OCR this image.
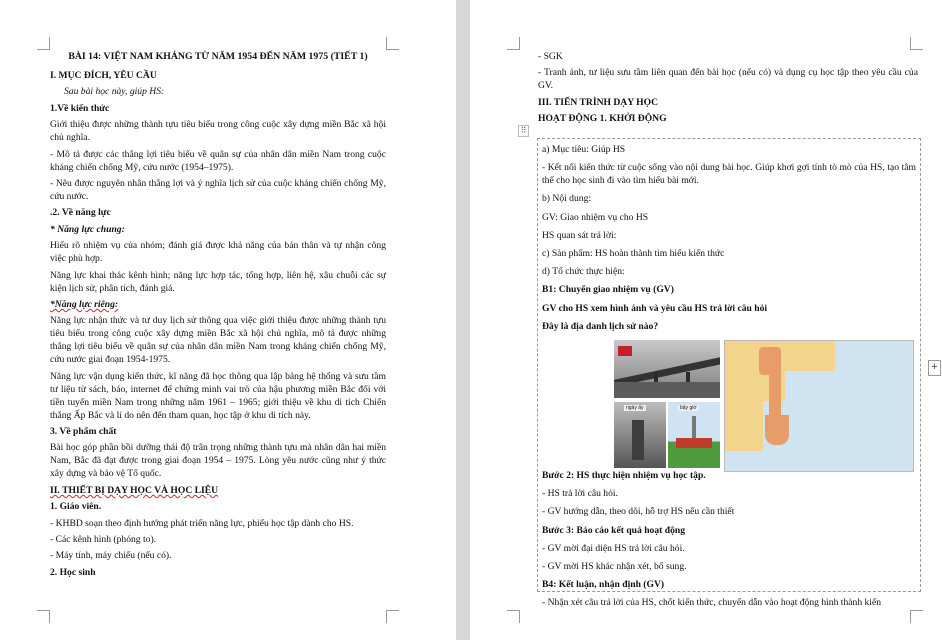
BÀI 14: VIỆT NAM KHÁNG TỪ NĂM 1954 ĐẾN NĂM 1975 (TIẾT 1)
I. MỤC ĐÍCH, YÊU CẦU
Sau bài học này, giúp HS:
1.Về kiến thức
Giới thiệu được những thành tựu tiêu biểu trong công cuộc xây dựng miền Bắc xã hội chủ nghĩa.
- Mô tả được các thắng lợi tiêu biểu về quân sự của nhân dân miền Nam trong cuộc kháng chiến chống Mỹ, cứu nước (1954–1975).
- Nêu được nguyên nhân thắng lợi và ý nghĩa lịch sử của cuộc kháng chiến chống Mỹ, cứu nước.
.2. Về năng lực
* Năng lực chung:
Hiểu rõ nhiệm vụ của nhóm; đánh giá được khả năng của bản thân và tự nhận công việc phù hợp.
Năng lực khai thác kênh hình; năng lực hợp tác, tổng hợp, liên hệ, xâu chuỗi các sự kiện lịch sử, phân tích, đánh giá.
*Năng lực riêng:
Năng lực nhận thức và tư duy lịch sử thông qua việc giới thiệu được những thành tựu tiêu biểu trong công cuộc xây dựng miền Bắc xã hội chủ nghĩa, mô tả được những thắng lợi tiêu biểu về quân sự của nhân dân miền Nam trong kháng chiến chống Mỹ, cứu nước giai đoạn 1954-1975.
Năng lực vận dụng kiến thức, kĩ năng đã học thông qua lập bảng hệ thống và sưu tầm tư liệu từ sách, báo, internet để chứng minh vai trò của hậu phương miền Bắc đối với tiền tuyến miền Nam trong những năm 1961 – 1965; giới thiệu về khu di tích Chiến thắng Ấp Bắc và lí do nên đến tham quan, học tập ở khu di tích này.
3. Về phẩm chất
Bài học góp phần bồi dưỡng thái độ trân trọng những thành tựu mà nhân dân hai miền Nam, Bắc đã đạt được trong giai đoạn 1954 – 1975. Lòng yêu nước cũng như ý thức xây dựng và bảo vệ Tổ quốc.
II. THIẾT BỊ DẠY HỌC VÀ HỌC LIỆU
1. Giáo viên.
- KHBD soạn theo định hướng phát triển năng lực, phiếu học tập dành cho HS.
- Các kênh hình (phóng to).
- Máy tính, máy chiếu (nếu có).
2. Học sinh
- SGK
- Tranh ảnh, tư liệu sưu tầm liên quan đến bài học (nếu có) và dụng cụ học tập theo yêu cầu của GV.
III. TIẾN TRÌNH DẠY HỌC
HOẠT ĐỘNG 1. KHỞI ĐỘNG
⠿
a) Mục tiêu: Giúp HS
- Kết nối kiến thức từ cuộc sống vào nội dung bài học. Giúp khơi gợi tính tò mò của HS, tạo tâm thế cho học sinh đi vào tìm hiểu bài mới.
b) Nội dung:
GV: Giao nhiệm vụ cho HS
HS quan sát trả lời:
c) Sản phẩm: HS hoàn thành tìm hiểu kiến thức
d) Tổ chức thực hiện:
B1: Chuyển giao nhiệm vụ (GV)
GV cho HS xem hình ảnh và yêu cầu HS trả lời câu hỏi
Đây là địa danh lịch sử nào?
Bước 2: HS thực hiện nhiệm vụ học tập.
- HS trả lời câu hỏi.
- GV hướng dẫn, theo dõi, hỗ trợ HS nếu cần thiết
Bước 3: Báo cáo kết quả hoạt động
- GV mời đại diện HS trả lời câu hỏi.
- GV mời HS khác nhận xét, bổ sung.
B4: Kết luận, nhận định (GV)
- Nhận xét câu trả lời của HS, chốt kiến thức, chuyển dẫn vào hoạt động hình thành kiến
ngày ấy	bây giờ
+
